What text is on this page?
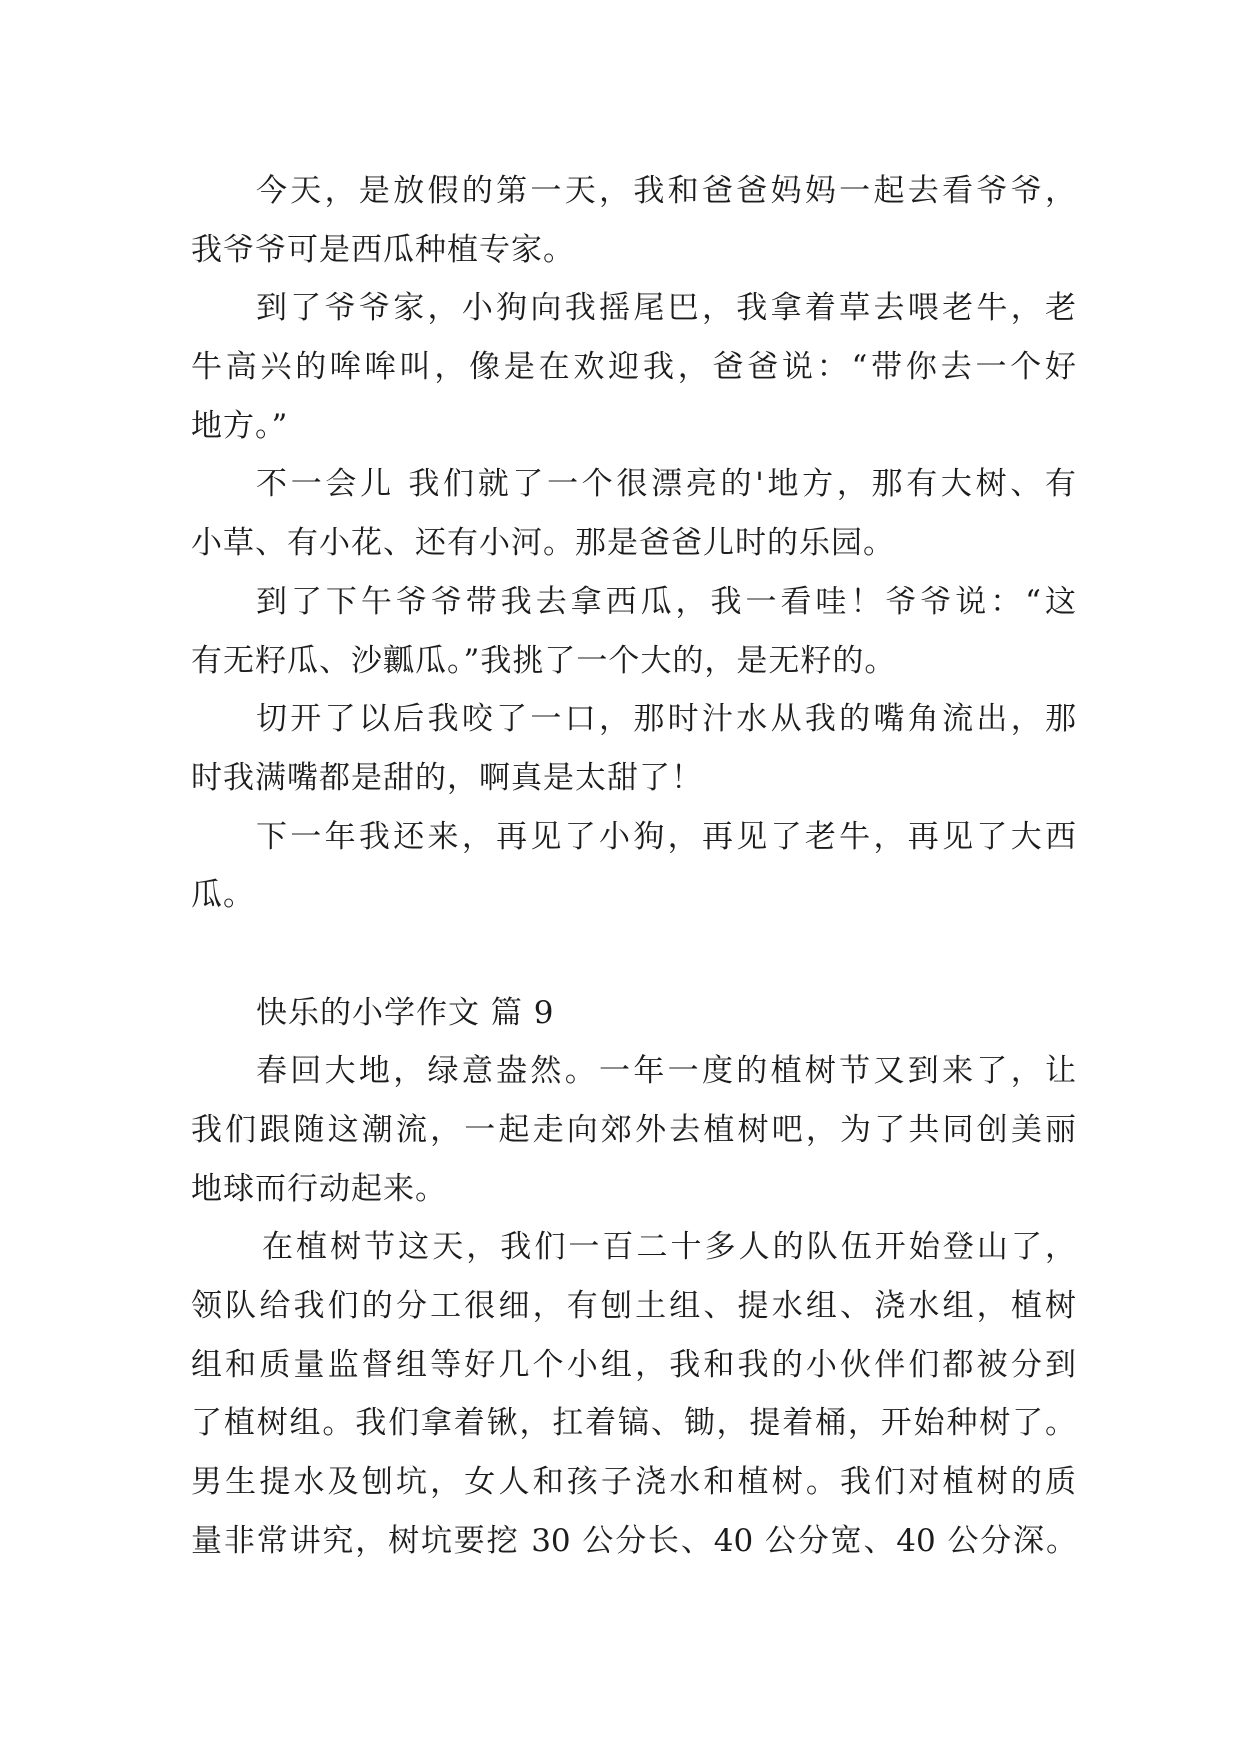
今天，是放假的第一天，我和爸爸妈妈一起去看爷爷，
我爷爷可是西瓜种植专家。
到了爷爷家，小狗向我摇尾巴，我拿着草去喂老牛，老
牛高兴的哞哞叫，像是在欢迎我，爸爸说：“带你去一个好
地方。”
不一会儿 我们就了一个很漂亮的'地方，那有大树、有
小草、有小花、还有小河。那是爸爸儿时的乐园。
到了下午爷爷带我去拿西瓜，我一看哇！爷爷说：“这
有无籽瓜、沙瓤瓜。”我挑了一个大的，是无籽的。
切开了以后我咬了一口，那时汁水从我的嘴角流出，那
时我满嘴都是甜的，啊真是太甜了！
下一年我还来，再见了小狗，再见了老牛，再见了大西
瓜。
快乐的小学作文 篇 9
春回大地，绿意盎然。一年一度的植树节又到来了，让
我们跟随这潮流，一起走向郊外去植树吧，为了共同创美丽
地球而行动起来。
在植树节这天，我们一百二十多人的队伍开始登山了，
领队给我们的分工很细，有刨土组、提水组、浇水组，植树
组和质量监督组等好几个小组，我和我的小伙伴们都被分到
了植树组。我们拿着锹，扛着镐、锄，提着桶，开始种树了。
男生提水及刨坑，女人和孩子浇水和植树。我们对植树的质
量非常讲究，树坑要挖 30 公分长、40 公分宽、40 公分深。
